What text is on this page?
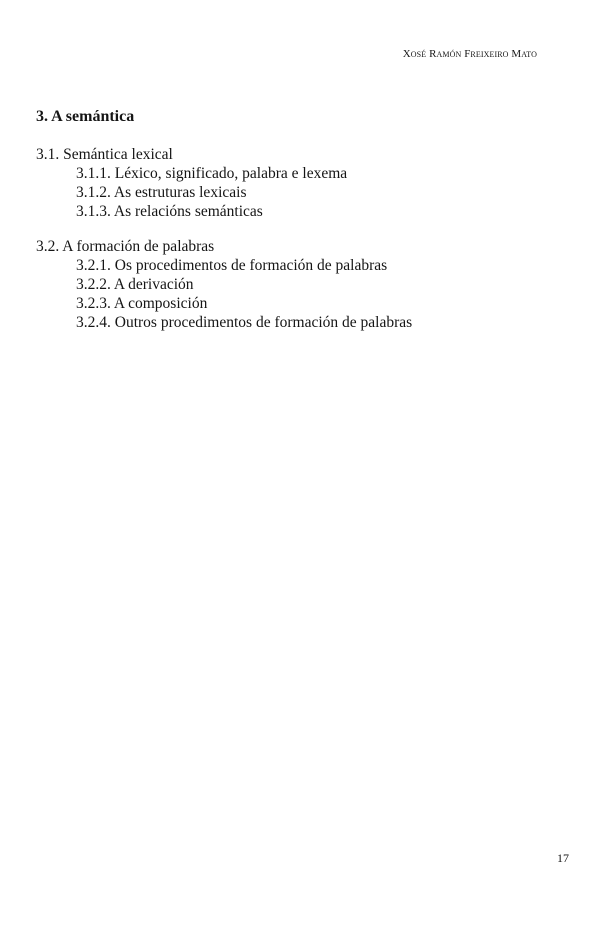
Xosé Ramón Freixeiro Mato
3. A semántica
3.1. Semántica lexical
3.1.1. Léxico, significado, palabra e lexema
3.1.2. As estruturas lexicais
3.1.3. As relacións semánticas
3.2. A formación de palabras
3.2.1. Os procedimentos de formación de palabras
3.2.2. A derivación
3.2.3. A composición
3.2.4. Outros procedimentos de formación de palabras
17
